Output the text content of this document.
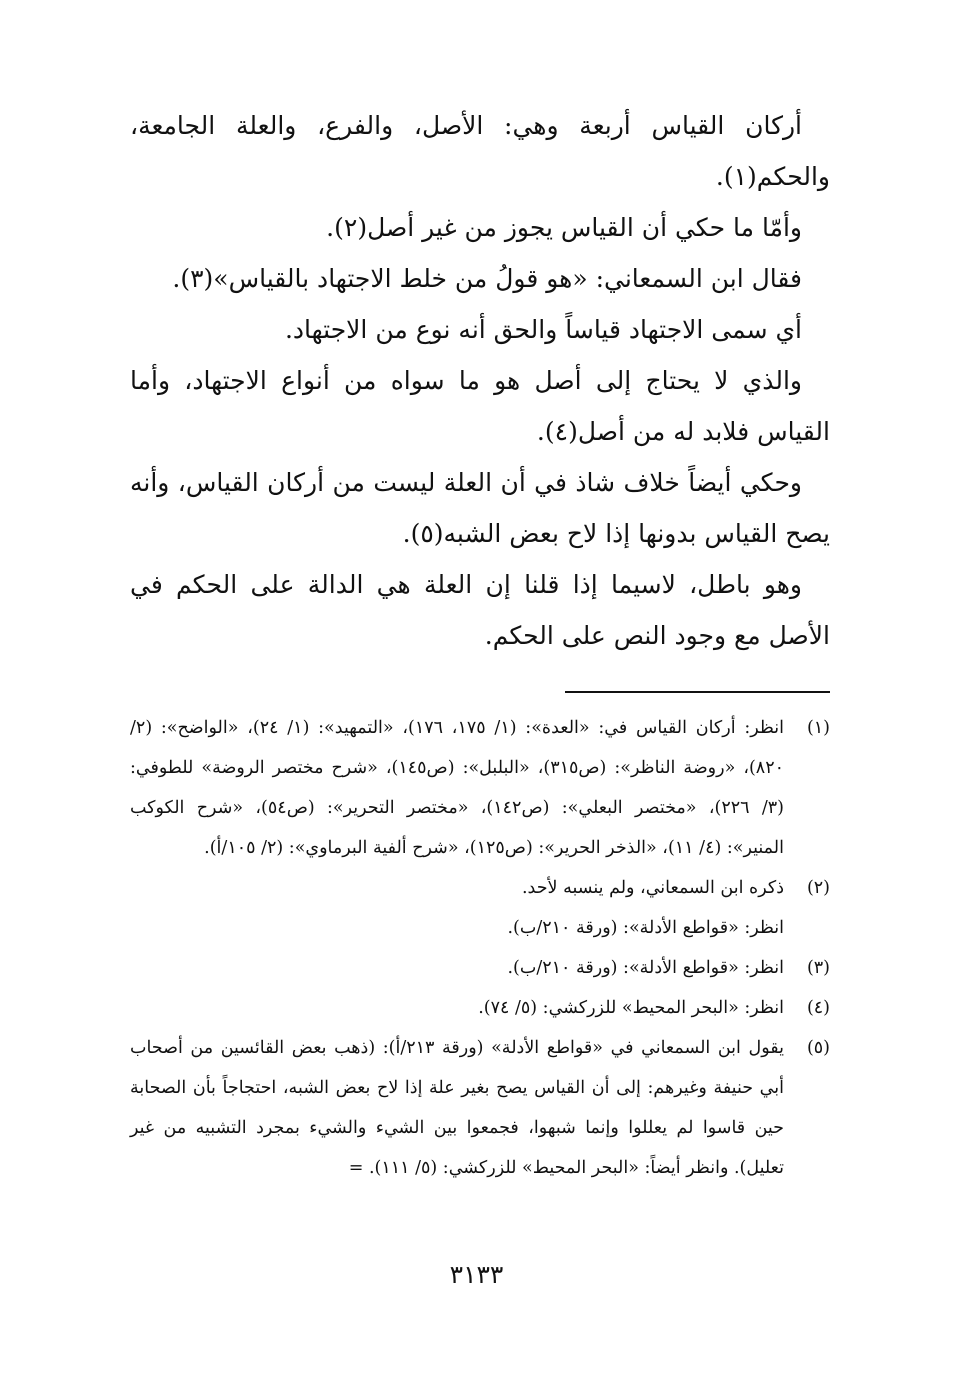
أركان القياس أربعة وهي: الأصل، والفرع، والعلة الجامعة، والحكم(١).

وأمّا ما حكي أن القياس يجوز من غير أصل(٢).

فقال ابن السمعاني: «هو قولُ من خلط الاجتهاد بالقياس»(٣).

أي سمى الاجتهاد قياساً والحق أنه نوع من الاجتهاد.

والذي لا يحتاج إلى أصل هو ما سواه من أنواع الاجتهاد، وأما القياس فلابد له من أصل(٤).

وحكي أيضاً خلاف شاذ في أن العلة ليست من أركان القياس، وأنه يصح القياس بدونها إذا لاح بعض الشبه(٥).

وهو باطل، لاسيما إذا قلنا إن العلة هي الدالة على الحكم في الأصل مع وجود النص على الحكم.

(١)
انظر: أركان القياس في: «العدة»: (١/ ١٧٥، ١٧٦)، «التمهيد»: (١/ ٢٤)، «الواضح»: (٢/ ٨٢٠)، «روضة الناظر»: (ص٣١٥)، «البلبل»: (ص١٤٥)، «شرح مختصر الروضة» للطوفي: (٣/ ٢٢٦)، «مختصر البعلي»: (ص١٤٢)، «مختصر التحرير»: (ص٥٤)، «شرح الكوكب المنير»: (٤/ ١١)، «الذخر الحرير»: (ص١٢٥)، «شرح ألفية البرماوي»: (٢/ ١٠٥/أ).
(٢)
ذكره ابن السمعاني، ولم ينسبه لأحد.
انظر: «قواطع الأدلة»: (ورقة ٢١٠/ب).
(٣)
انظر: «قواطع الأدلة»: (ورقة ٢١٠/ب).
(٤)
انظر: «البحر المحيط» للزركشي: (٥/ ٧٤).
(٥)
يقول ابن السمعاني في «قواطع الأدلة» (ورقة ٢١٣/أ): (ذهب بعض القائسين من أصحاب أبي حنيفة وغيرهم: إلى أن القياس يصح بغير علة إذا لاح بعض الشبه، احتجاجاً بأن الصحابة حين قاسوا لم يعللوا وإنما شبهوا، فجمعوا بين الشيء والشيء بمجرد التشبيه من غير تعليل). وانظر أيضاً: «البحر المحيط» للزركشي: (٥/ ١١١). =
٣١٣٣
